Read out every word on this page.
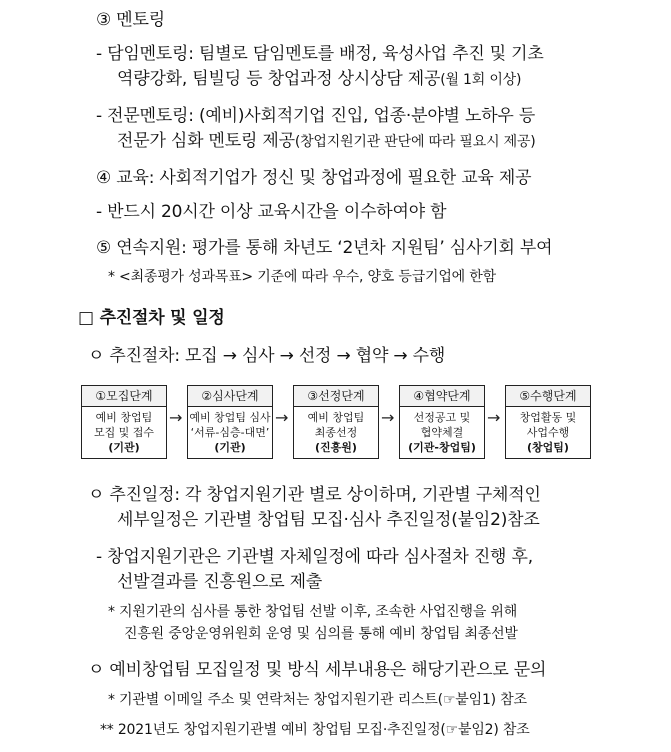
③ 멘토링
- 담임멘토링: 팀별로 담임멘토를 배정, 육성사업 추진 및 기초
역량강화, 팀빌딩 등 창업과정 상시상담 제공(월 1회 이상)
- 전문멘토링: (예비)사회적기업 진입, 업종·분야별 노하우 등
전문가 심화 멘토링 제공(창업지원기관 판단에 따라 필요시 제공)
④ 교육: 사회적기업가 정신 및 창업과정에 필요한 교육 제공
- 반드시 20시간 이상 교육시간을 이수하여야 함
⑤ 연속지원: 평가를 통해 차년도 ‘2년차 지원팀’ 심사기회 부여
* <최종평가 성과목표> 기준에 따라 우수, 양호 등급기업에 한함
□ 추진절차 및 일정
ㅇ 추진절차: 모집 → 심사 → 선정 → 협약 → 수행
①모집단계
예비 창업팀
모집 및 접수
(기관)
→
②심사단계
예비 창업팀 심사
‘서류-심층-대면’
(기관)
→
③선정단계
예비 창업팀
최종선정
(진흥원)
→
④협약단계
선정공고 및
협약체결
(기관-창업팀)
→
⑤수행단계
창업활동 및
사업수행
(창업팀)
ㅇ 추진일정: 각 창업지원기관 별로 상이하며, 기관별 구체적인
세부일정은 기관별 창업팀 모집·심사 추진일정(붙임2)참조
- 창업지원기관은 기관별 자체일정에 따라 심사절차 진행 후,
선발결과를 진흥원으로 제출
* 지원기관의 심사를 통한 창업팀 선발 이후, 조속한 사업진행을 위해
진흥원 중앙운영위원회 운영 및 심의를 통해 예비 창업팀 최종선발
ㅇ 예비창업팀 모집일정 및 방식 세부내용은 해당기관으로 문의
* 기관별 이메일 주소 및 연락처는 창업지원기관 리스트(☞붙임1) 참조
** 2021년도 창업지원기관별 예비 창업팀 모집·추진일정(☞붙임2) 참조
